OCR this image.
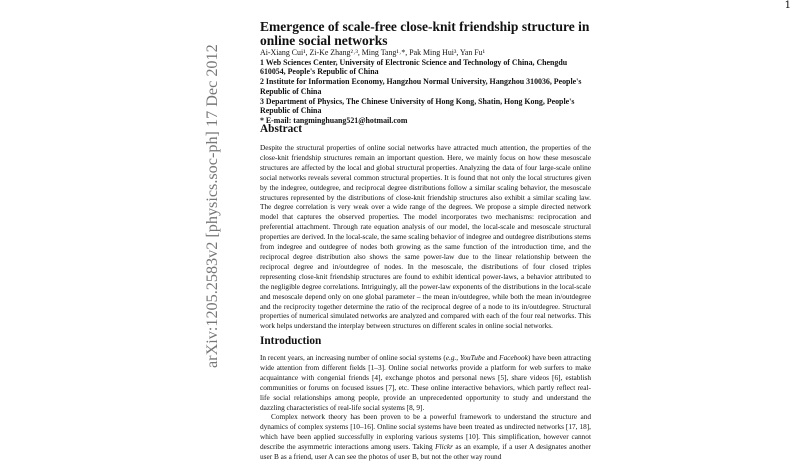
1
arXiv:1205.2583v2 [physics.soc-ph] 17 Dec 2012
Emergence of scale-free close-knit friendship structure in online social networks
Ai-Xiang Cui¹, Zi-Ke Zhang²˒³, Ming Tang¹˒*, Pak Ming Hui³, Yan Fu¹
1 Web Sciences Center, University of Electronic Science and Technology of China, Chengdu 610054, People's Republic of China
2 Institute for Information Economy, Hangzhou Normal University, Hangzhou 310036, People's Republic of China
3 Department of Physics, The Chinese University of Hong Kong, Shatin, Hong Kong, People's Republic of China
* E-mail: tangminghuang521@hotmail.com
Abstract

Despite the structural properties of online social networks have attracted much attention, the properties of the close-knit friendship structures remain an important question. Here, we mainly focus on how these mesoscale structures are affected by the local and global structural properties. Analyzing the data of four large-scale online social networks reveals several common structural properties. It is found that not only the local structures given by the indegree, outdegree, and reciprocal degree distributions follow a similar scaling behavior, the mesoscale structures represented by the distributions of close-knit friendship structures also exhibit a similar scaling law. The degree correlation is very weak over a wide range of the degrees. We propose a simple directed network model that captures the observed properties. The model incorporates two mechanisms: reciprocation and preferential attachment. Through rate equation analysis of our model, the local-scale and mesoscale structural properties are derived. In the local-scale, the same scaling behavior of indegree and outdegree distributions stems from indegree and outdegree of nodes both growing as the same function of the introduction time, and the reciprocal degree distribution also shows the same power-law due to the linear relationship between the reciprocal degree and in/outdegree of nodes. In the mesoscale, the distributions of four closed triples representing close-knit friendship structures are found to exhibit identical power-laws, a behavior attributed to the negligible degree correlations. Intriguingly, all the power-law exponents of the distributions in the local-scale and mesoscale depend only on one global parameter – the mean in/outdegree, while both the mean in/outdegree and the reciprocity together determine the ratio of the reciprocal degree of a node to its in/outdegree. Structural properties of numerical simulated networks are analyzed and compared with each of the four real networks. This work helps understand the interplay between structures on different scales in online social networks.

Introduction

In recent years, an increasing number of online social systems (e.g., YouTube and Facebook) have been attracting wide attention from different fields [1–3]. Online social networks provide a platform for web surfers to make acquaintance with congenial friends [4], exchange photos and personal news [5], share videos [6], establish communities or forums on focused issues [7], etc. These online interactive behaviors, which partly reflect real-life social relationships among people, provide an unprecedented opportunity to study and understand the dazzling characteristics of real-life social systems [8, 9].

Complex network theory has been proven to be a powerful framework to understand the structure and dynamics of complex systems [10–16]. Online social systems have been treated as undirected networks [17, 18], which have been applied successfully in exploring various systems [10]. This simplification, however cannot describe the asymmetric interactions among users. Taking Flickr as an example, if a user A designates another user B as a friend, user A can see the photos of user B, but not the other way round
